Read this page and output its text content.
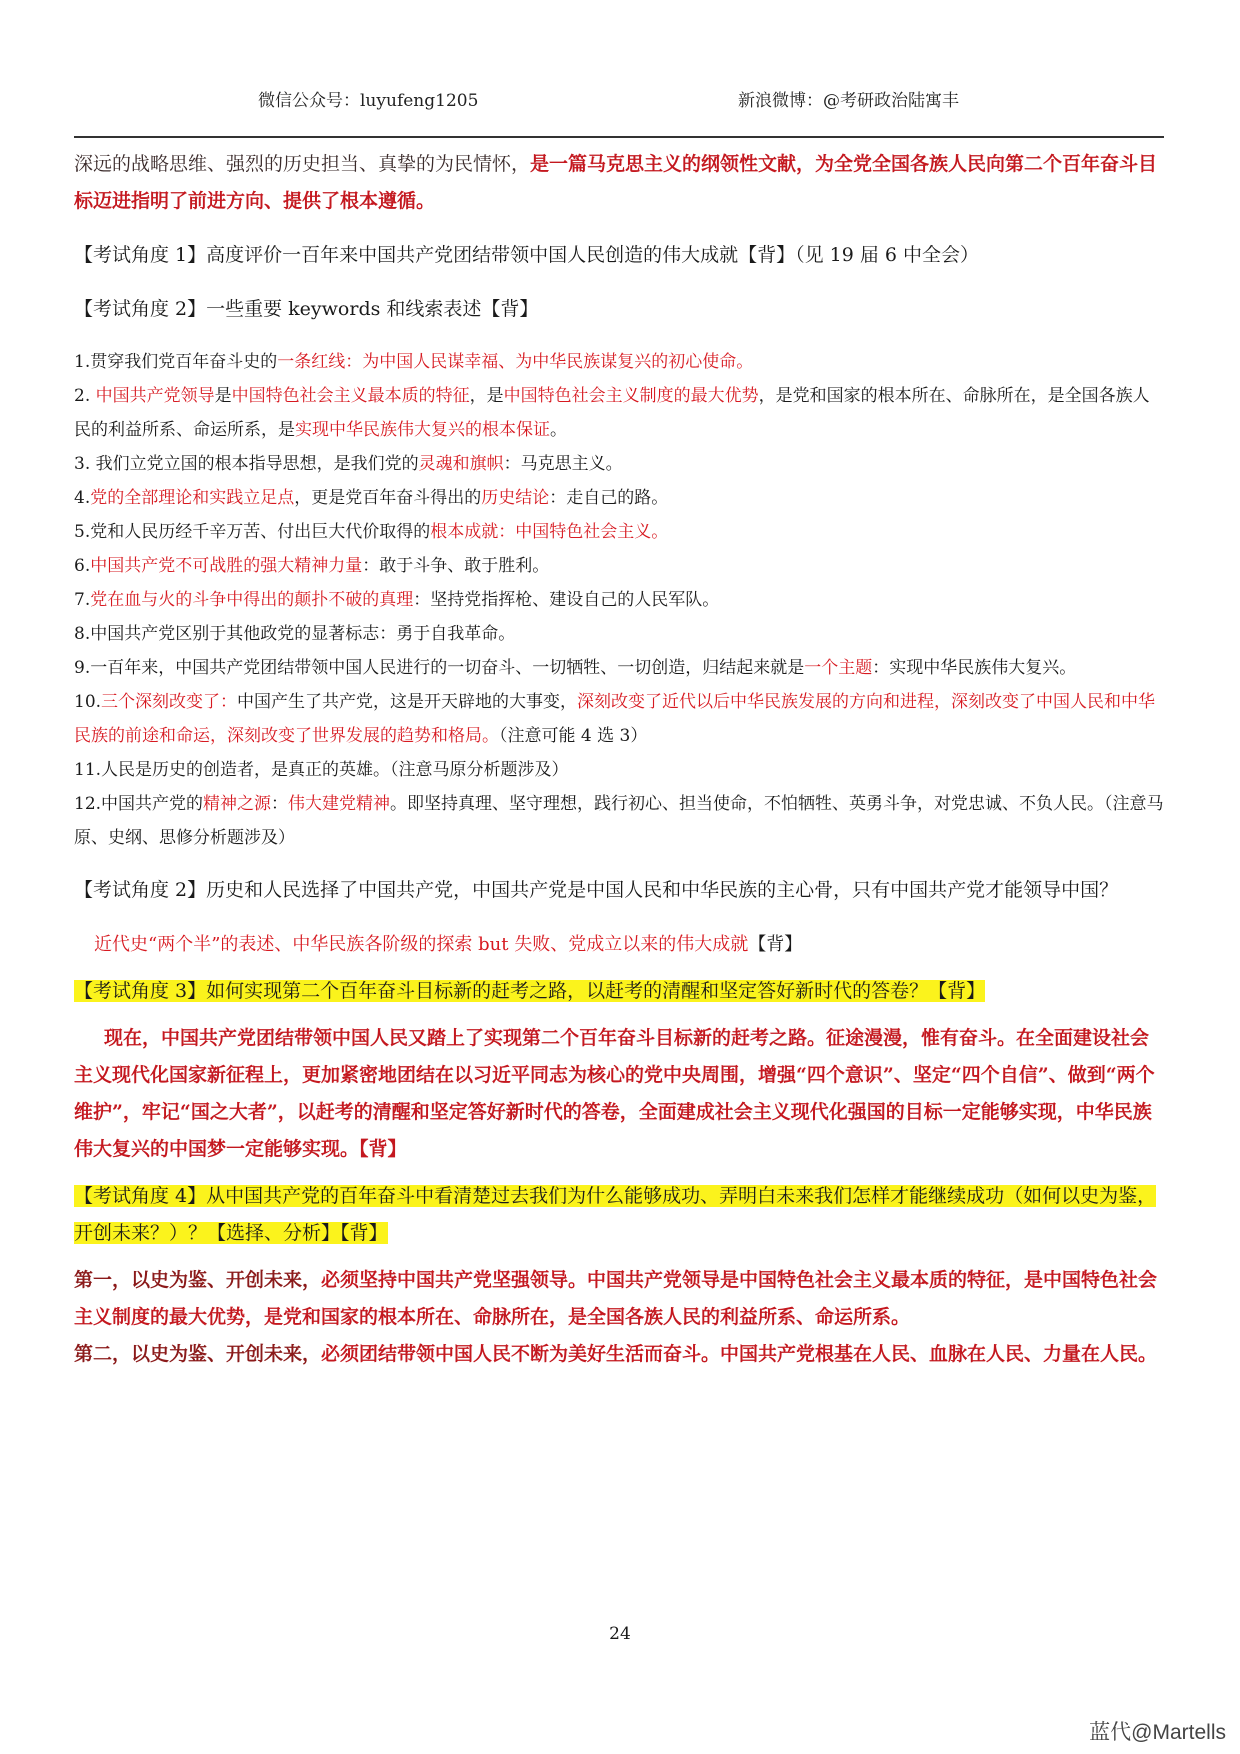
微信公众号：luyufeng1205	新浪微博：@考研政治陆寓丰

深远的战略思维、强烈的历史担当、真挚的为民情怀，是一篇马克思主义的纲领性文献，为全党全国各族人民向第二个百年奋斗目标迈进指明了前进方向、提供了根本遵循。

【考试角度 1】高度评价一百年来中国共产党团结带领中国人民创造的伟大成就【背】（见 19 届 6 中全会）

【考试角度 2】一些重要 keywords 和线索表述【背】

1.贯穿我们党百年奋斗史的一条红线：为中国人民谋幸福、为中华民族谋复兴的初心使命。

2. 中国共产党领导是中国特色社会主义最本质的特征，是中国特色社会主义制度的最大优势，是党和国家的根本所在、命脉所在，是全国各族人民的利益所系、命运所系，是实现中华民族伟大复兴的根本保证。

3. 我们立党立国的根本指导思想，是我们党的灵魂和旗帜：马克思主义。

4.党的全部理论和实践立足点，更是党百年奋斗得出的历史结论：走自己的路。

5.党和人民历经千辛万苦、付出巨大代价取得的根本成就：中国特色社会主义。

6.中国共产党不可战胜的强大精神力量：敢于斗争、敢于胜利。

7.党在血与火的斗争中得出的颠扑不破的真理：坚持党指挥枪、建设自己的人民军队。

8.中国共产党区别于其他政党的显著标志：勇于自我革命。

9.一百年来，中国共产党团结带领中国人民进行的一切奋斗、一切牺牲、一切创造，归结起来就是一个主题：实现中华民族伟大复兴。

10.三个深刻改变了：中国产生了共产党，这是开天辟地的大事变，深刻改变了近代以后中华民族发展的方向和进程，深刻改变了中国人民和中华民族的前途和命运，深刻改变了世界发展的趋势和格局。（注意可能 4 选 3）

11.人民是历史的创造者，是真正的英雄。（注意马原分析题涉及）

12.中国共产党的精神之源：伟大建党精神。即坚持真理、坚守理想，践行初心、担当使命，不怕牺牲、英勇斗争，对党忠诚、不负人民。（注意马原、史纲、思修分析题涉及）

【考试角度 2】历史和人民选择了中国共产党，中国共产党是中国人民和中华民族的主心骨，只有中国共产党才能领导中国？

近代史“两个半”的表述、中华民族各阶级的探索 but 失败、党成立以来的伟大成就【背】

【考试角度 3】如何实现第二个百年奋斗目标新的赶考之路，以赶考的清醒和坚定答好新时代的答卷？【背】

现在，中国共产党团结带领中国人民又踏上了实现第二个百年奋斗目标新的赶考之路。征途漫漫，惟有奋斗。在全面建设社会主义现代化国家新征程上，更加紧密地团结在以习近平同志为核心的党中央周围，增强“四个意识”、坚定“四个自信”、做到“两个维护”，牢记“国之大者”，以赶考的清醒和坚定答好新时代的答卷，全面建成社会主义现代化强国的目标一定能够实现，中华民族伟大复兴的中国梦一定能够实现。【背】

【考试角度 4】从中国共产党的百年奋斗中看清楚过去我们为什么能够成功、弄明白未来我们怎样才能继续成功（如何以史为鉴，开创未来？）？【选择、分析】【背】

第一，以史为鉴、开创未来，必须坚持中国共产党坚强领导。中国共产党领导是中国特色社会主义最本质的特征，是中国特色社会主义制度的最大优势，是党和国家的根本所在、命脉所在，是全国各族人民的利益所系、命运所系。

第二，以史为鉴、开创未来，必须团结带领中国人民不断为美好生活而奋斗。中国共产党根基在人民、血脉在人民、力量在人民。

24
蓝代@Martells
